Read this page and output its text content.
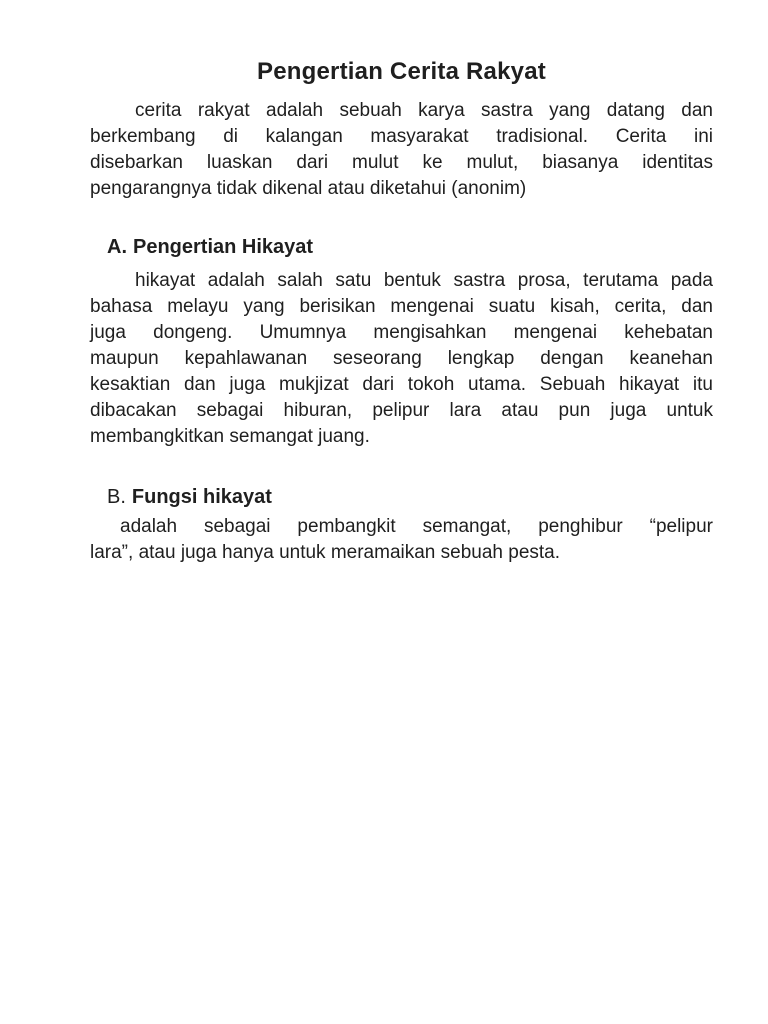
Pengertian Cerita Rakyat
cerita rakyat adalah sebuah karya sastra yang datang dan
berkembang di kalangan masyarakat tradisional. Cerita ini
disebarkan luaskan dari mulut ke mulut, biasanya identitas
pengarangnya tidak dikenal atau diketahui (anonim)
A. Pengertian Hikayat
hikayat adalah salah satu bentuk sastra prosa, terutama pada
bahasa melayu yang berisikan mengenai suatu kisah, cerita, dan
juga dongeng. Umumnya mengisahkan mengenai kehebatan
maupun kepahlawanan seseorang lengkap dengan keanehan
kesaktian dan juga mukjizat dari tokoh utama. Sebuah hikayat itu
dibacakan sebagai hiburan, pelipur lara atau pun juga untuk
membangkitkan semangat juang.
B. Fungsi hikayat
adalah sebagai pembangkit semangat, penghibur “pelipur
lara”, atau juga hanya untuk meramaikan sebuah pesta.
